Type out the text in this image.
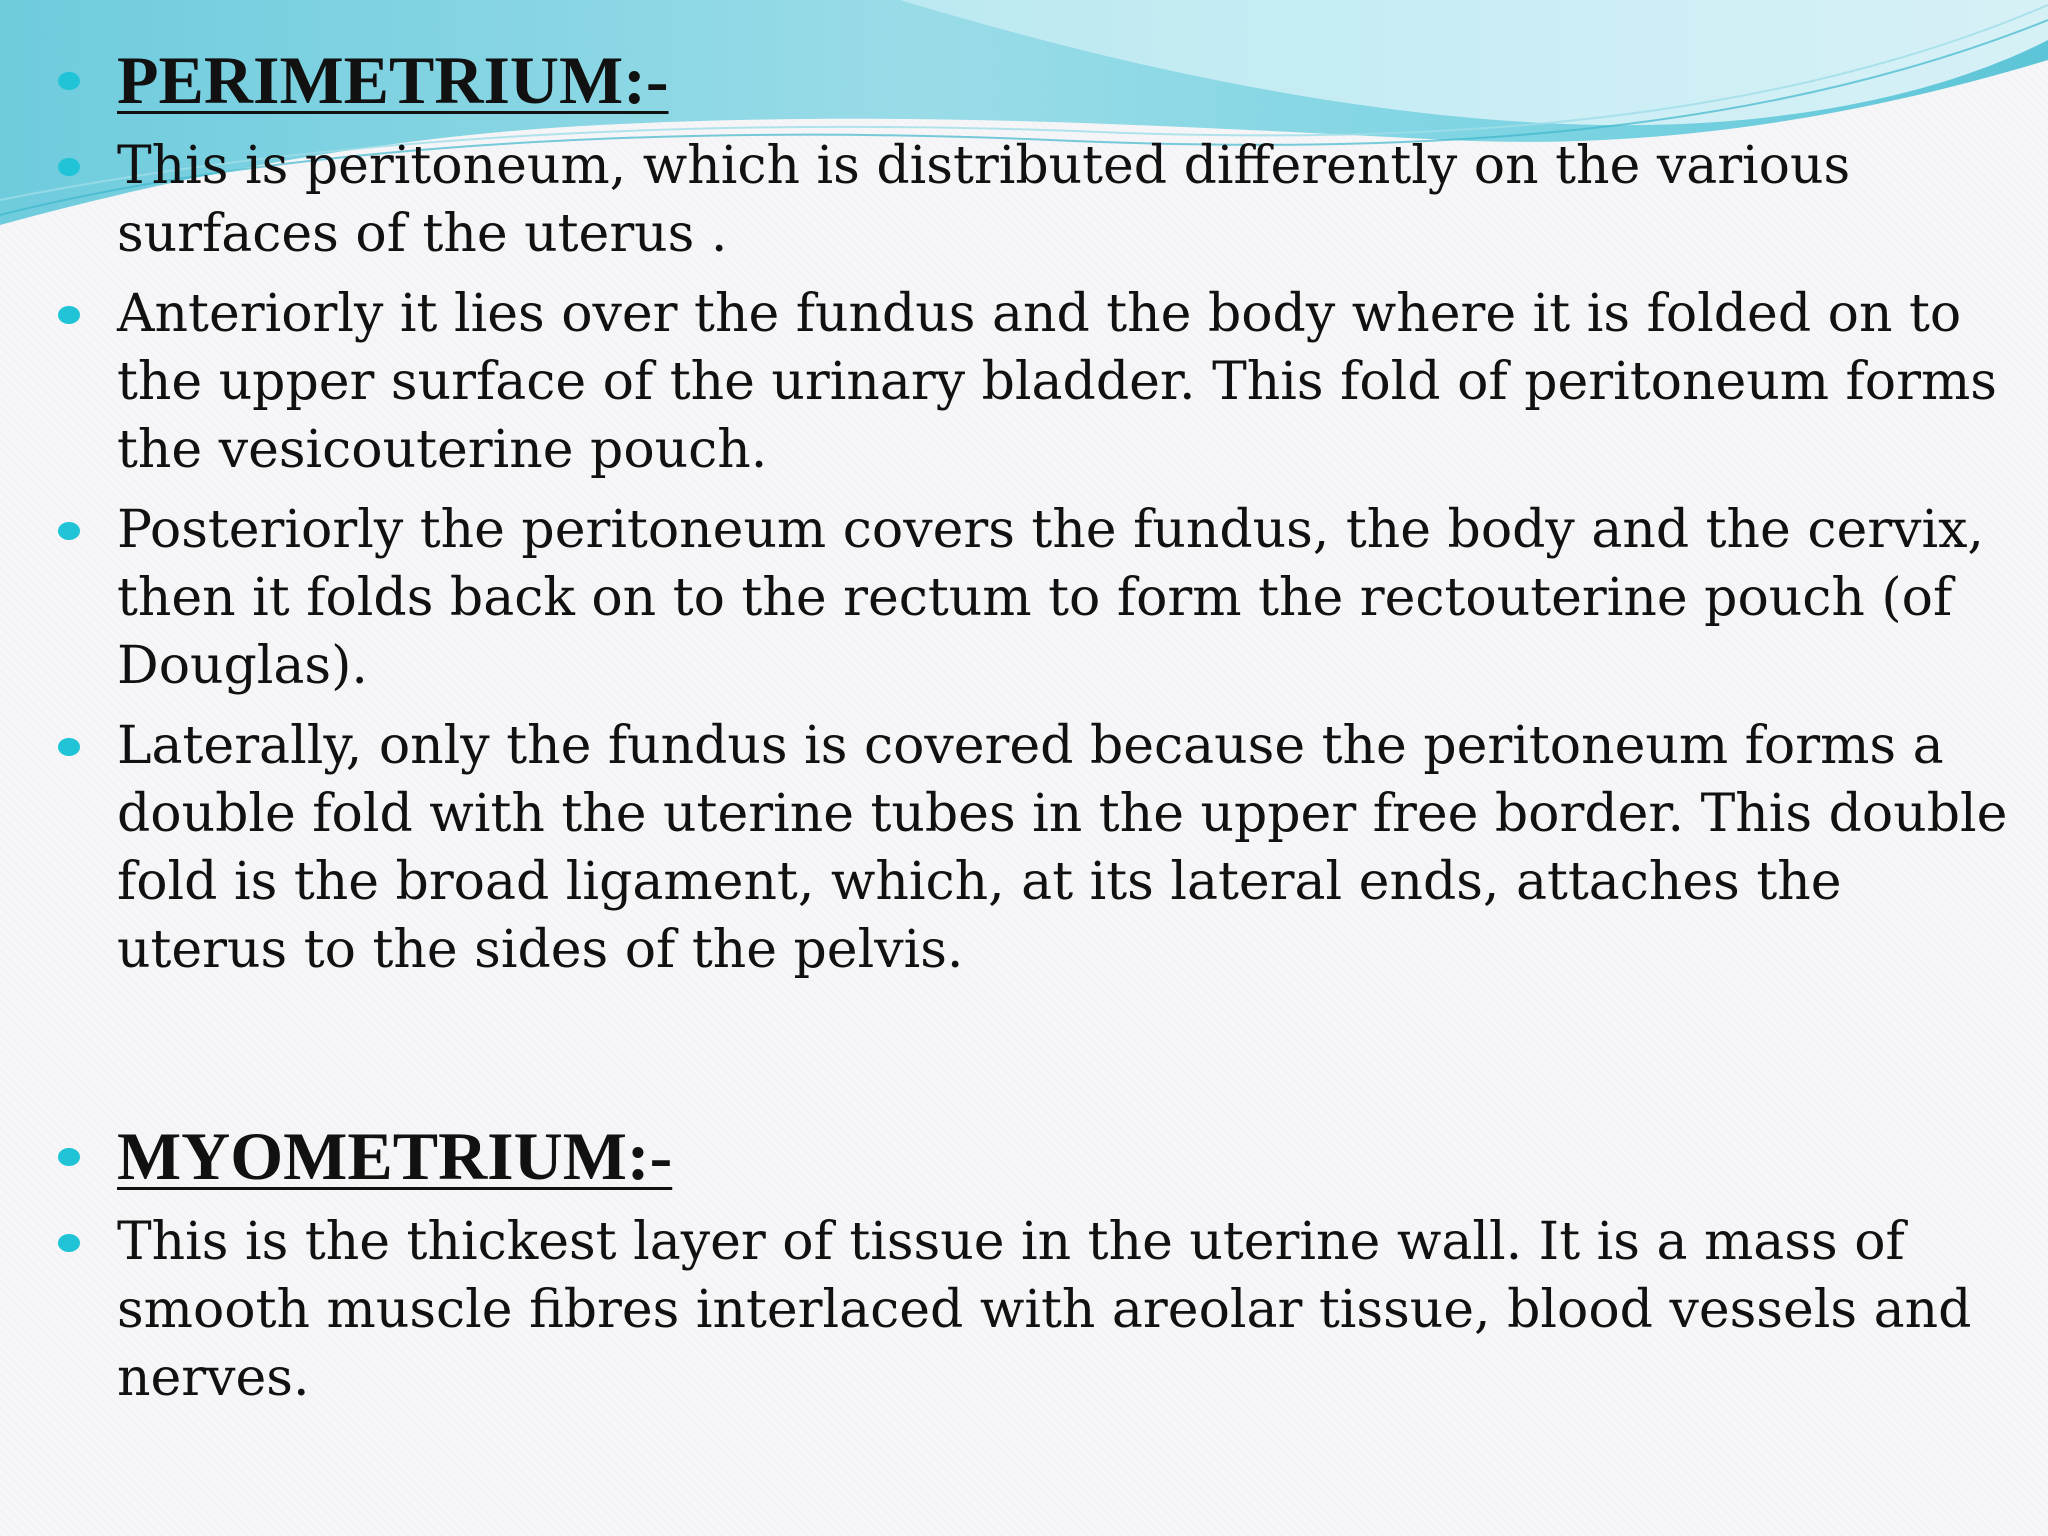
PERIMETRIUM:-
This is peritoneum, which is distributed differently on the various surfaces of the uterus .
Anteriorly it lies over the fundus and the body where it is folded on to the upper surface of the urinary bladder. This fold of peritoneum forms the vesicouterine pouch.
Posteriorly the peritoneum covers the fundus, the body and the cervix, then it folds back on to the rectum to form the rectouterine pouch (of Douglas).
Laterally, only the fundus is covered because the peritoneum forms a double fold with the uterine tubes in the upper free border. This double fold is the broad ligament, which, at its lateral ends, attaches the uterus to the sides of the pelvis.
MYOMETRIUM:-
This is the thickest layer of tissue in the uterine wall. It is a mass of smooth muscle fibres interlaced with areolar tissue, blood vessels and nerves.
